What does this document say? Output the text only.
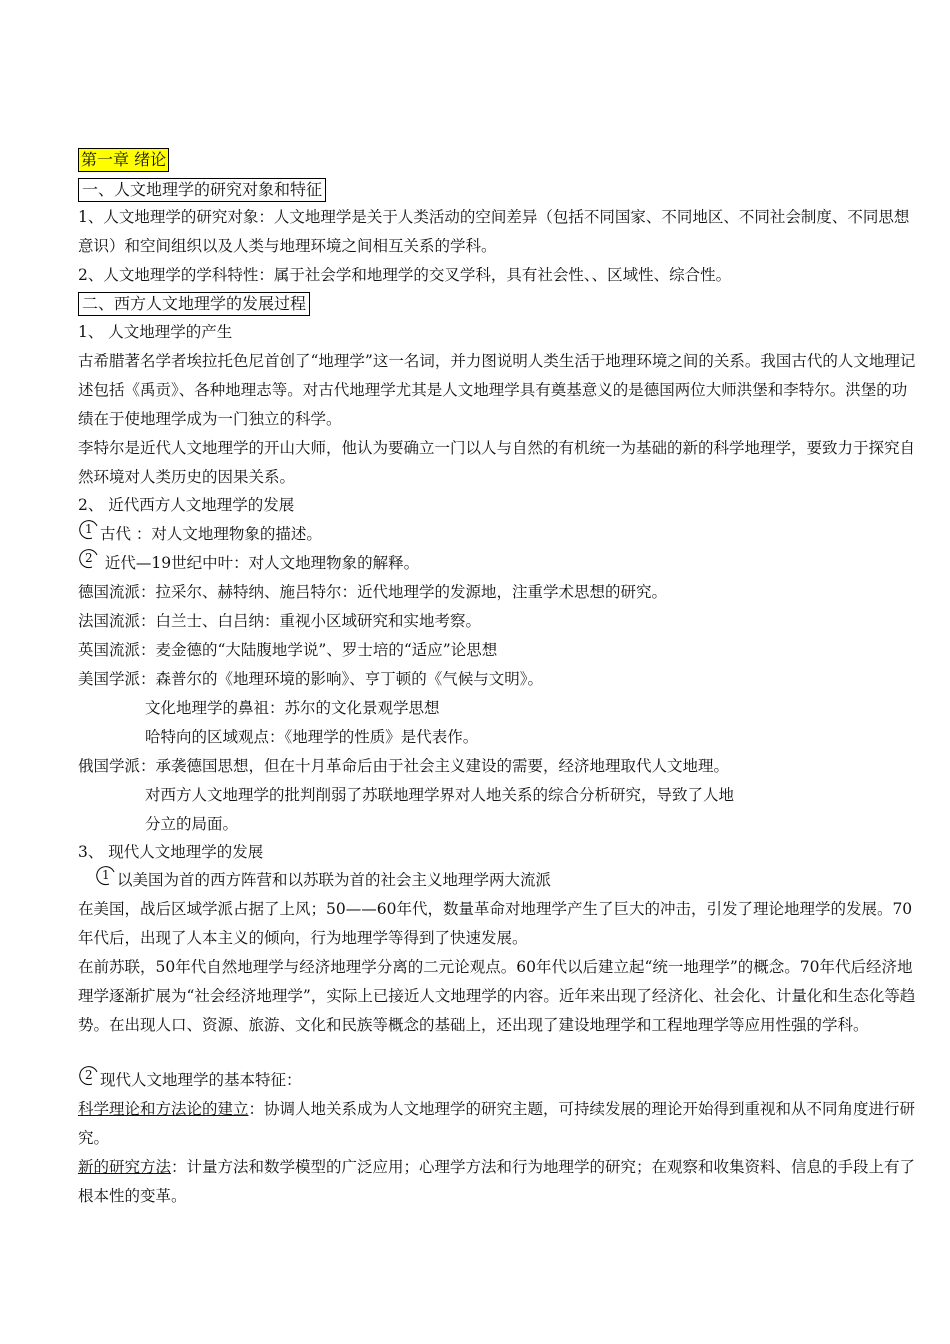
第一章 绪论
一、人文地理学的研究对象和特征
1、人文地理学的研究对象：人文地理学是关于人类活动的空间差异（包括不同国家、不同地区、不同社会制度、不同思想意识）和空间组织以及人类与地理环境之间相互关系的学科。
2、人文地理学的学科特性：属于社会学和地理学的交叉学科，具有社会性、、区域性、综合性。
二、西方人文地理学的发展过程
1、 人文地理学的产生
古希腊著名学者埃拉托色尼首创了“地理学”这一名词，并力图说明人类生活于地理环境之间的关系。我国古代的人文地理记述包括《禹贡》、各种地理志等。对古代地理学尤其是人文地理学具有奠基意义的是德国两位大师洪堡和李特尔。洪堡的功绩在于使地理学成为一门独立的科学。
李特尔是近代人文地理学的开山大师，他认为要确立一门以人与自然的有机统一为基础的新的科学地理学，要致力于探究自然环境对人类历史的因果关系。
2、 近代西方人文地理学的发展
1 古代 ：对人文地理物象的描述。
2 近代—19世纪中叶：对人文地理物象的解释。
德国流派：拉采尔、赫特纳、施吕特尔：近代地理学的发源地，注重学术思想的研究。
法国流派：白兰士、白吕纳：重视小区域研究和实地考察。
英国流派：麦金德的“大陆腹地学说”、罗士培的“适应”论思想
美国学派：森普尔的《地理环境的影响》、亨丁顿的《气候与文明》。
文化地理学的鼻祖：苏尔的文化景观学思想
哈特向的区域观点：《地理学的性质》是代表作。
俄国学派：承袭德国思想，但在十月革命后由于社会主义建设的需要，经济地理取代人文地理。
对西方人文地理学的批判削弱了苏联地理学界对人地关系的综合分析研究，导致了人地
分立的局面。
3、 现代人文地理学的发展
1 以美国为首的西方阵营和以苏联为首的社会主义地理学两大流派
在美国，战后区域学派占据了上风；50——60年代，数量革命对地理学产生了巨大的冲击，引发了理论地理学的发展。70年代后，出现了人本主义的倾向，行为地理学等得到了快速发展。
在前苏联，50年代自然地理学与经济地理学分离的二元论观点。60年代以后建立起“统一地理学”的概念。70年代后经济地理学逐渐扩展为“社会经济地理学”，实际上已接近人文地理学的内容。近年来出现了经济化、社会化、计量化和生态化等趋势。在出现人口、资源、旅游、文化和民族等概念的基础上，还出现了建设地理学和工程地理学等应用性强的学科。
2 现代人文地理学的基本特征：
科学理论和方法论的建立：协调人地关系成为人文地理学的研究主题，可持续发展的理论开始得到重视和从不同角度进行研究。
新的研究方法：计量方法和数学模型的广泛应用；心理学方法和行为地理学的研究；在观察和收集资料、信息的手段上有了根本性的变革。
